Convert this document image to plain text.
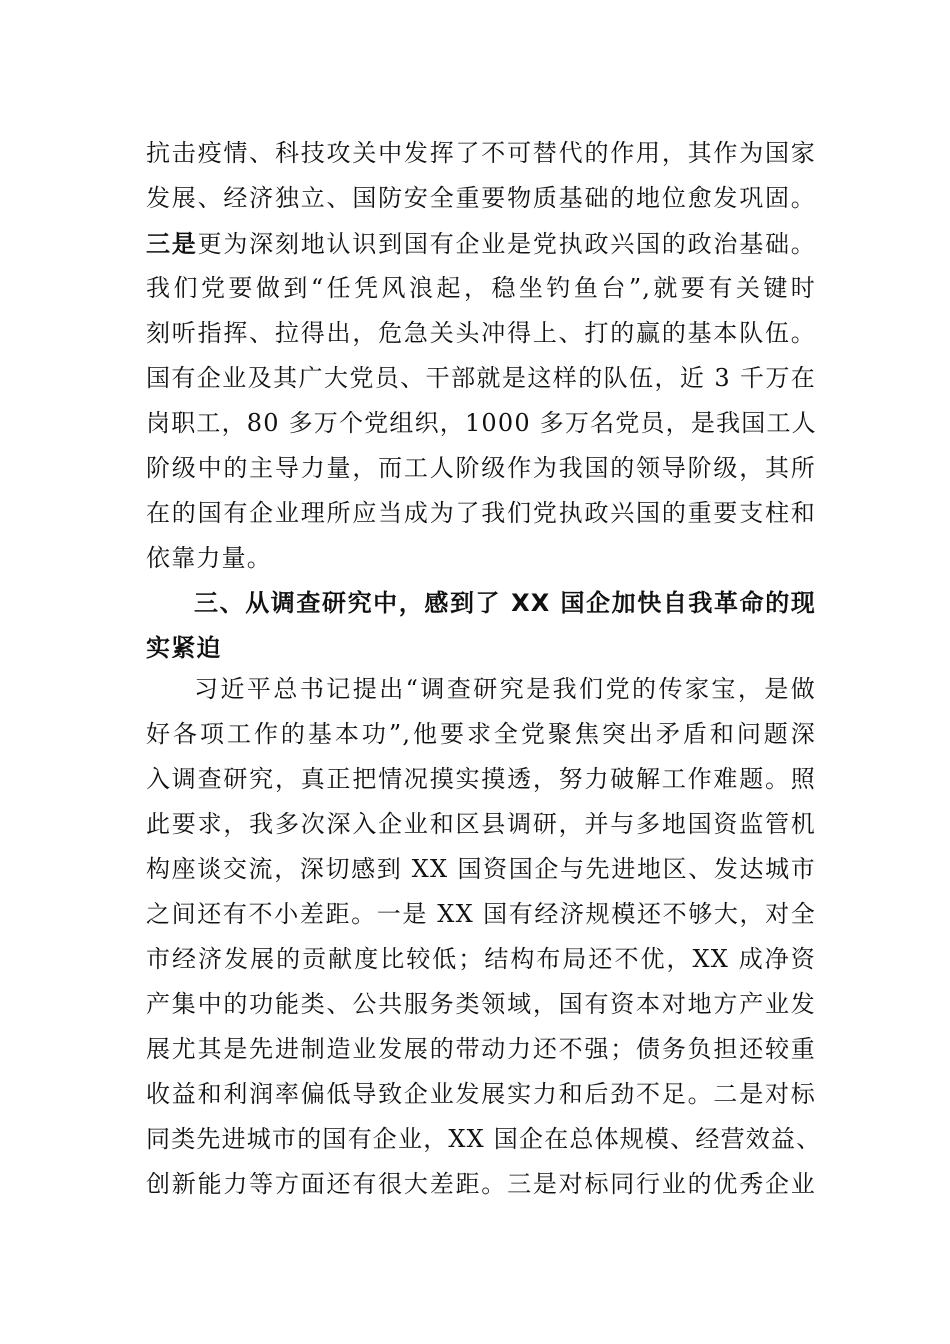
抗击疫情、科技攻关中发挥了不可替代的作用，其作为国家
发展、经济独立、国防安全重要物质基础的地位愈发巩固。
三是更为深刻地认识到国有企业是党执政兴国的政治基础。
我们党要做到“任凭风浪起，稳坐钓鱼台”,就要有关键时
刻听指挥、拉得出，危急关头冲得上、打的赢的基本队伍。
国有企业及其广大党员、干部就是这样的队伍，近 3 千万在
岗职工，80 多万个党组织，1000 多万名党员，是我国工人
阶级中的主导力量，而工人阶级作为我国的领导阶级，其所
在的国有企业理所应当成为了我们党执政兴国的重要支柱和
依靠力量。
三、从调查研究中，感到了 XX 国企加快自我革命的现
实紧迫
习近平总书记提出“调查研究是我们党的传家宝，是做
好各项工作的基本功”,他要求全党聚焦突出矛盾和问题深
入调查研究，真正把情况摸实摸透，努力破解工作难题。照
此要求，我多次深入企业和区县调研，并与多地国资监管机
构座谈交流，深切感到 XX 国资国企与先进地区、发达城市
之间还有不小差距。一是 XX 国有经济规模还不够大，对全
市经济发展的贡献度比较低；结构布局还不优，XX 成净资
产集中的功能类、公共服务类领域，国有资本对地方产业发
展尤其是先进制造业发展的带动力还不强；债务负担还较重
收益和利润率偏低导致企业发展实力和后劲不足。二是对标
同类先进城市的国有企业，XX 国企在总体规模、经营效益、
创新能力等方面还有很大差距。三是对标同行业的优秀企业
